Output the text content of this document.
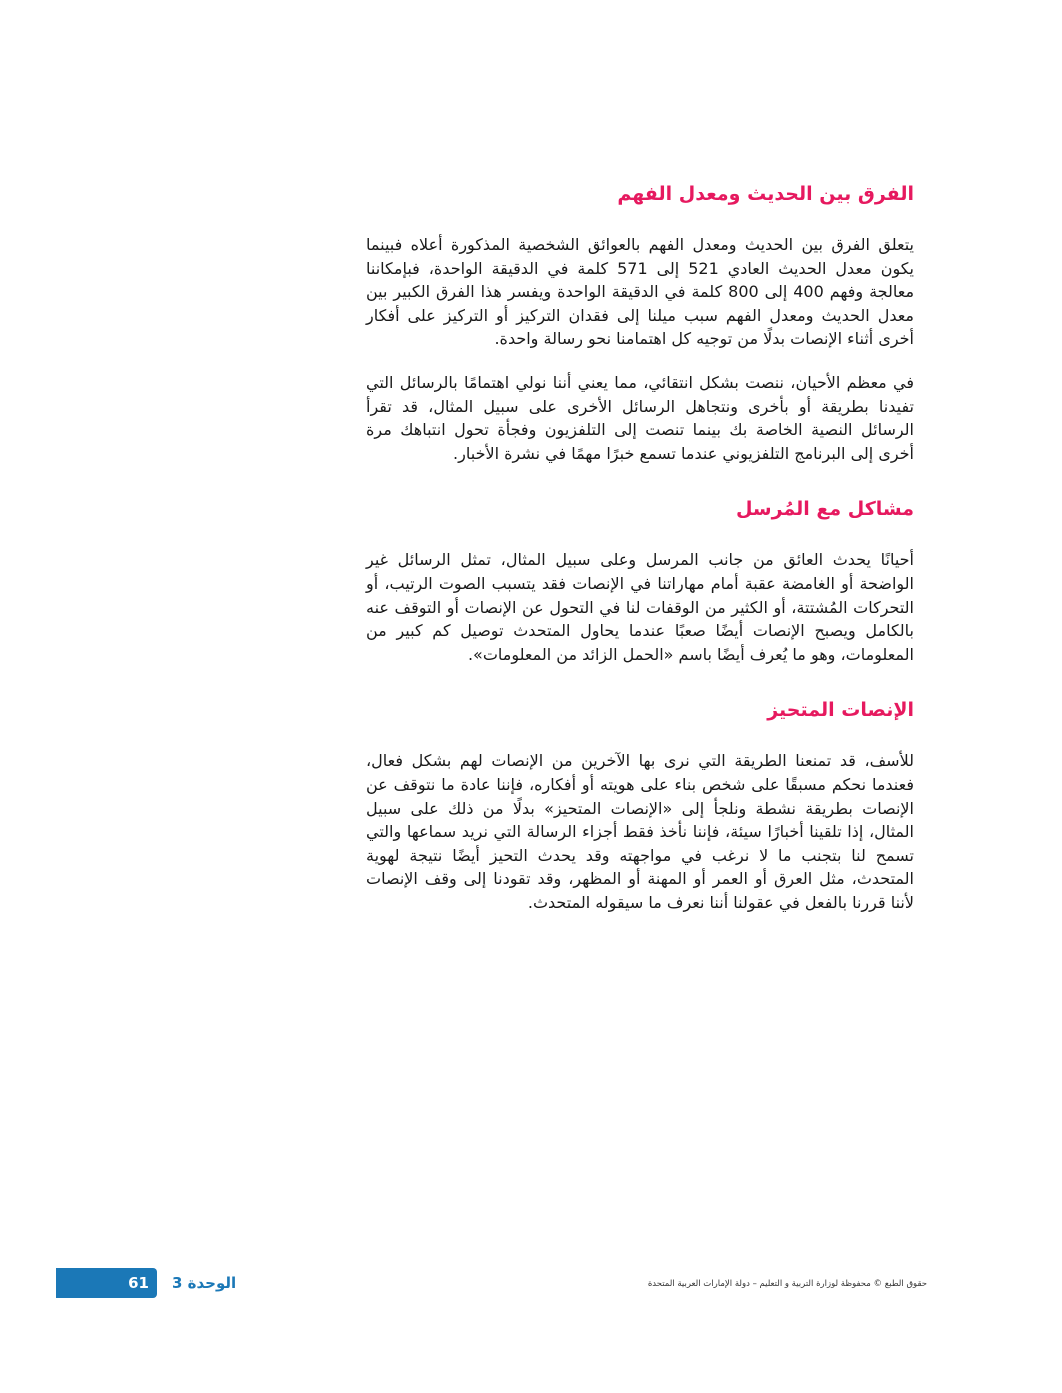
الفرق بين الحديث ومعدل الفهم

يتعلق الفرق بين الحديث ومعدل الفهم بالعوائق الشخصية المذكورة أعلاه فبينما يكون معدل الحديث العادي 521 إلى 571 كلمة في الدقيقة الواحدة، فبإمكاننا معالجة وفهم 400 إلى 800 كلمة في الدقيقة الواحدة ويفسر هذا الفرق الكبير بين معدل الحديث ومعدل الفهم سبب ميلنا إلى فقدان التركيز أو التركيز على أفكار أخرى أثناء الإنصات بدلًا من توجيه كل اهتمامنا نحو رسالة واحدة.

في معظم الأحيان، ننصت بشكل انتقائي، مما يعني أننا نولي اهتمامًا بالرسائل التي تفيدنا بطريقة أو بأخرى ونتجاهل الرسائل الأخرى على سبيل المثال، قد تقرأ الرسائل النصية الخاصة بك بينما تنصت إلى التلفزيون وفجأة تحول انتباهك مرة أخرى إلى البرنامج التلفزيوني عندما تسمع خبرًا مهمًا في نشرة الأخبار.

مشاكل مع المُرسل

أحيانًا يحدث العائق من جانب المرسل وعلى سبيل المثال، تمثل الرسائل غير الواضحة أو الغامضة عقبة أمام مهاراتنا في الإنصات فقد يتسبب الصوت الرتيب، أو التحركات المُشتتة، أو الكثير من الوقفات لنا في التحول عن الإنصات أو التوقف عنه بالكامل ويصبح الإنصات أيضًا صعبًا عندما يحاول المتحدث توصيل كم كبير من المعلومات، وهو ما يُعرف أيضًا باسم «الحمل الزائد من المعلومات».

الإنصات المتحيز

للأسف، قد تمنعنا الطريقة التي نرى بها الآخرين من الإنصات لهم بشكل فعال، فعندما نحكم مسبقًا على شخص بناء على هويته أو أفكاره، فإننا عادة ما نتوقف عن الإنصات بطريقة نشطة ونلجأ إلى «الإنصات المتحيز» بدلًا من ذلك على سبيل المثال، إذا تلقينا أخبارًا سيئة، فإننا نأخذ فقط أجزاء الرسالة التي نريد سماعها والتي تسمح لنا بتجنب ما لا نرغب في مواجهته وقد يحدث التحيز أيضًا نتيجة لهوية المتحدث، مثل العرق أو العمر أو المهنة أو المظهر، وقد تقودنا إلى وقف الإنصات لأننا قررنا بالفعل في عقولنا أننا نعرف ما سيقوله المتحدث.

61 الوحدة 3	حقوق الطبع © محفوظة لوزارة التربية و التعليم – دولة الإمارات العربية المتحدة
